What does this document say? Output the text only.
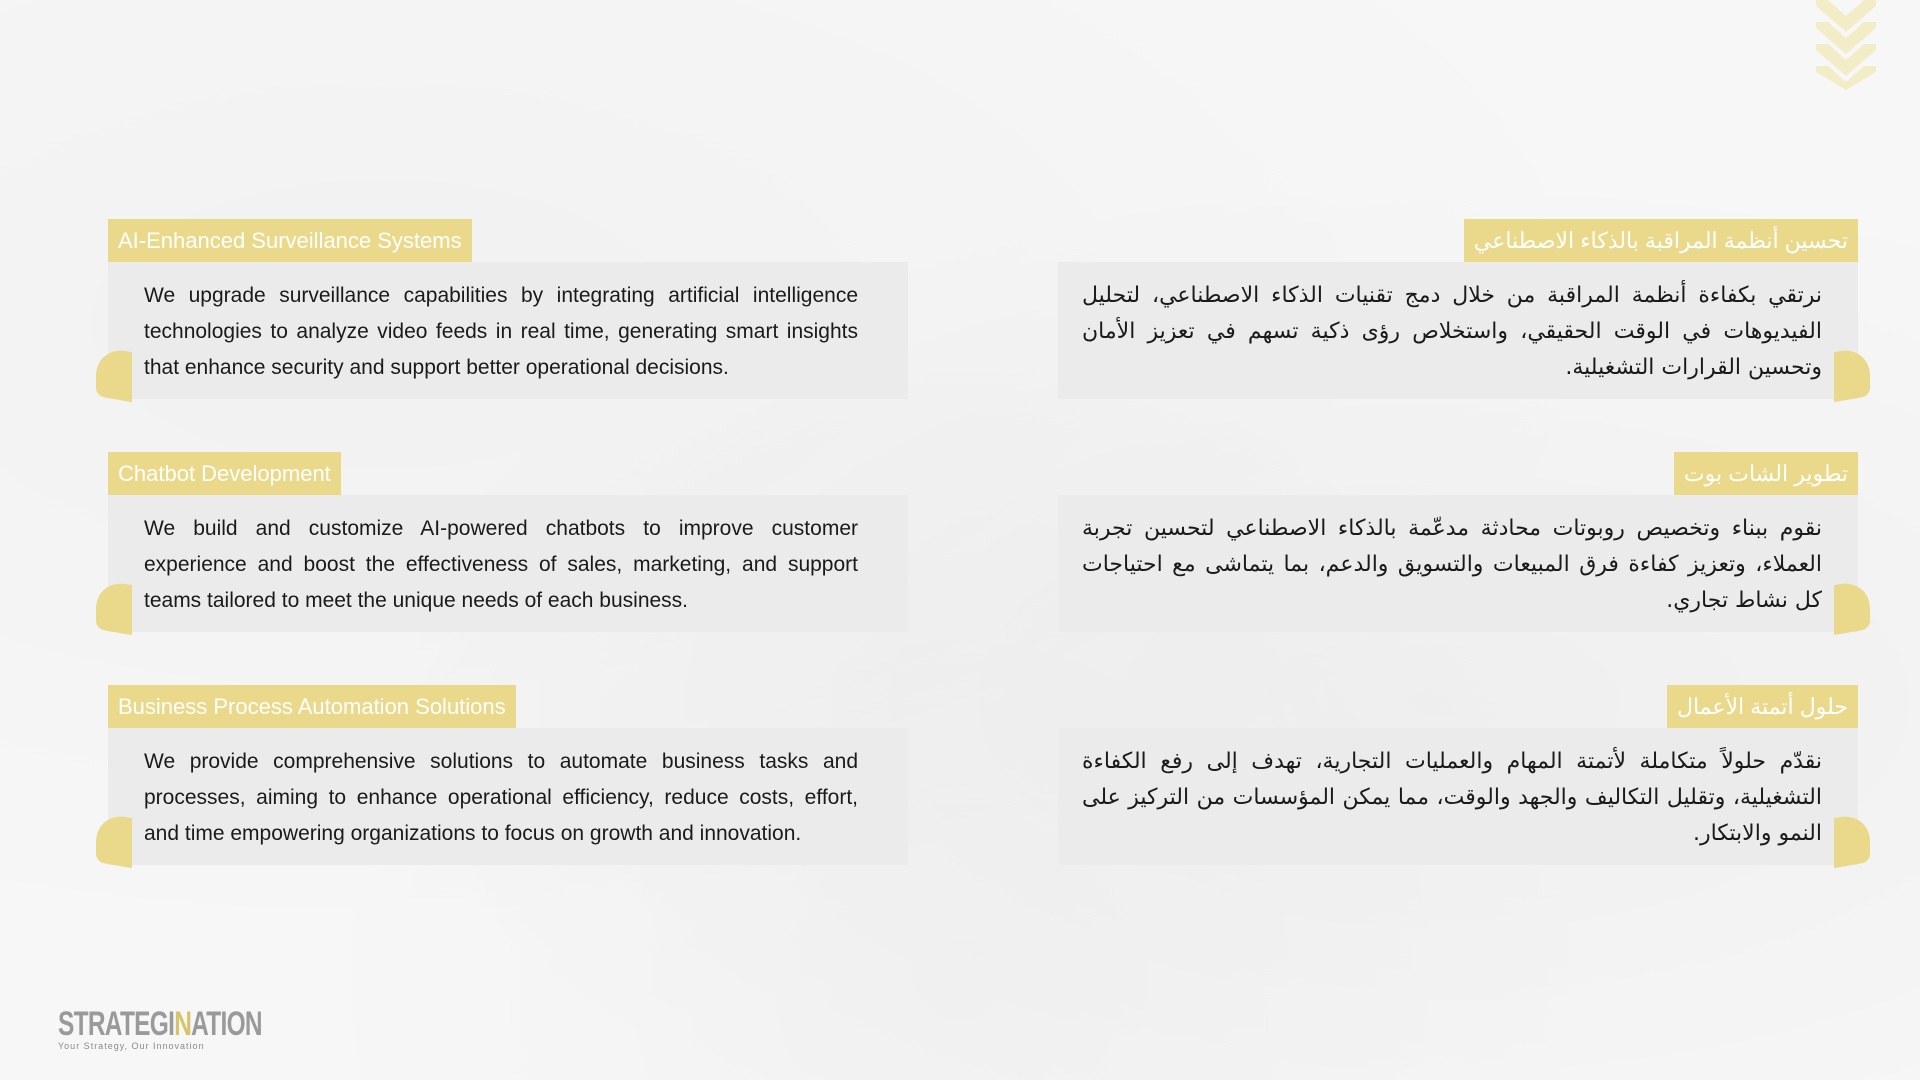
AI-Enhanced Surveillance Systems
We upgrade surveillance capabilities by integrating artificial intelligence technologies to analyze video feeds in real time, generating smart insights that enhance security and support better operational decisions.
Chatbot Development
We build and customize AI-powered chatbots to improve customer experience and boost the effectiveness of sales, marketing, and support teams tailored to meet the unique needs of each business.
Business Process Automation Solutions
We provide comprehensive solutions to automate business tasks and processes, aiming to enhance operational efficiency, reduce costs, effort, and time empowering organizations to focus on growth and innovation.
تحسين أنظمة المراقبة بالذكاء الاصطناعي
نرتقي بكفاءة أنظمة المراقبة من خلال دمج تقنيات الذكاء الاصطناعي، لتحليل الفيديوهات في الوقت الحقيقي، واستخلاص رؤى ذكية تسهم في تعزيز الأمان وتحسين القرارات التشغيلية.
تطوير الشات بوت
نقوم ببناء وتخصيص روبوتات محادثة مدعّمة بالذكاء الاصطناعي لتحسين تجربة العملاء، وتعزيز كفاءة فرق المبيعات والتسويق والدعم، بما يتماشى مع احتياجات كل نشاط تجاري.
حلول أتمتة الأعمال
نقدّم حلولاً متكاملة لأتمتة المهام والعمليات التجارية، تهدف إلى رفع الكفاءة التشغيلية، وتقليل التكاليف والجهد والوقت، مما يمكن المؤسسات من التركيز على النمو والابتكار.
STRATEGINATION
Your Strategy, Our Innovation
